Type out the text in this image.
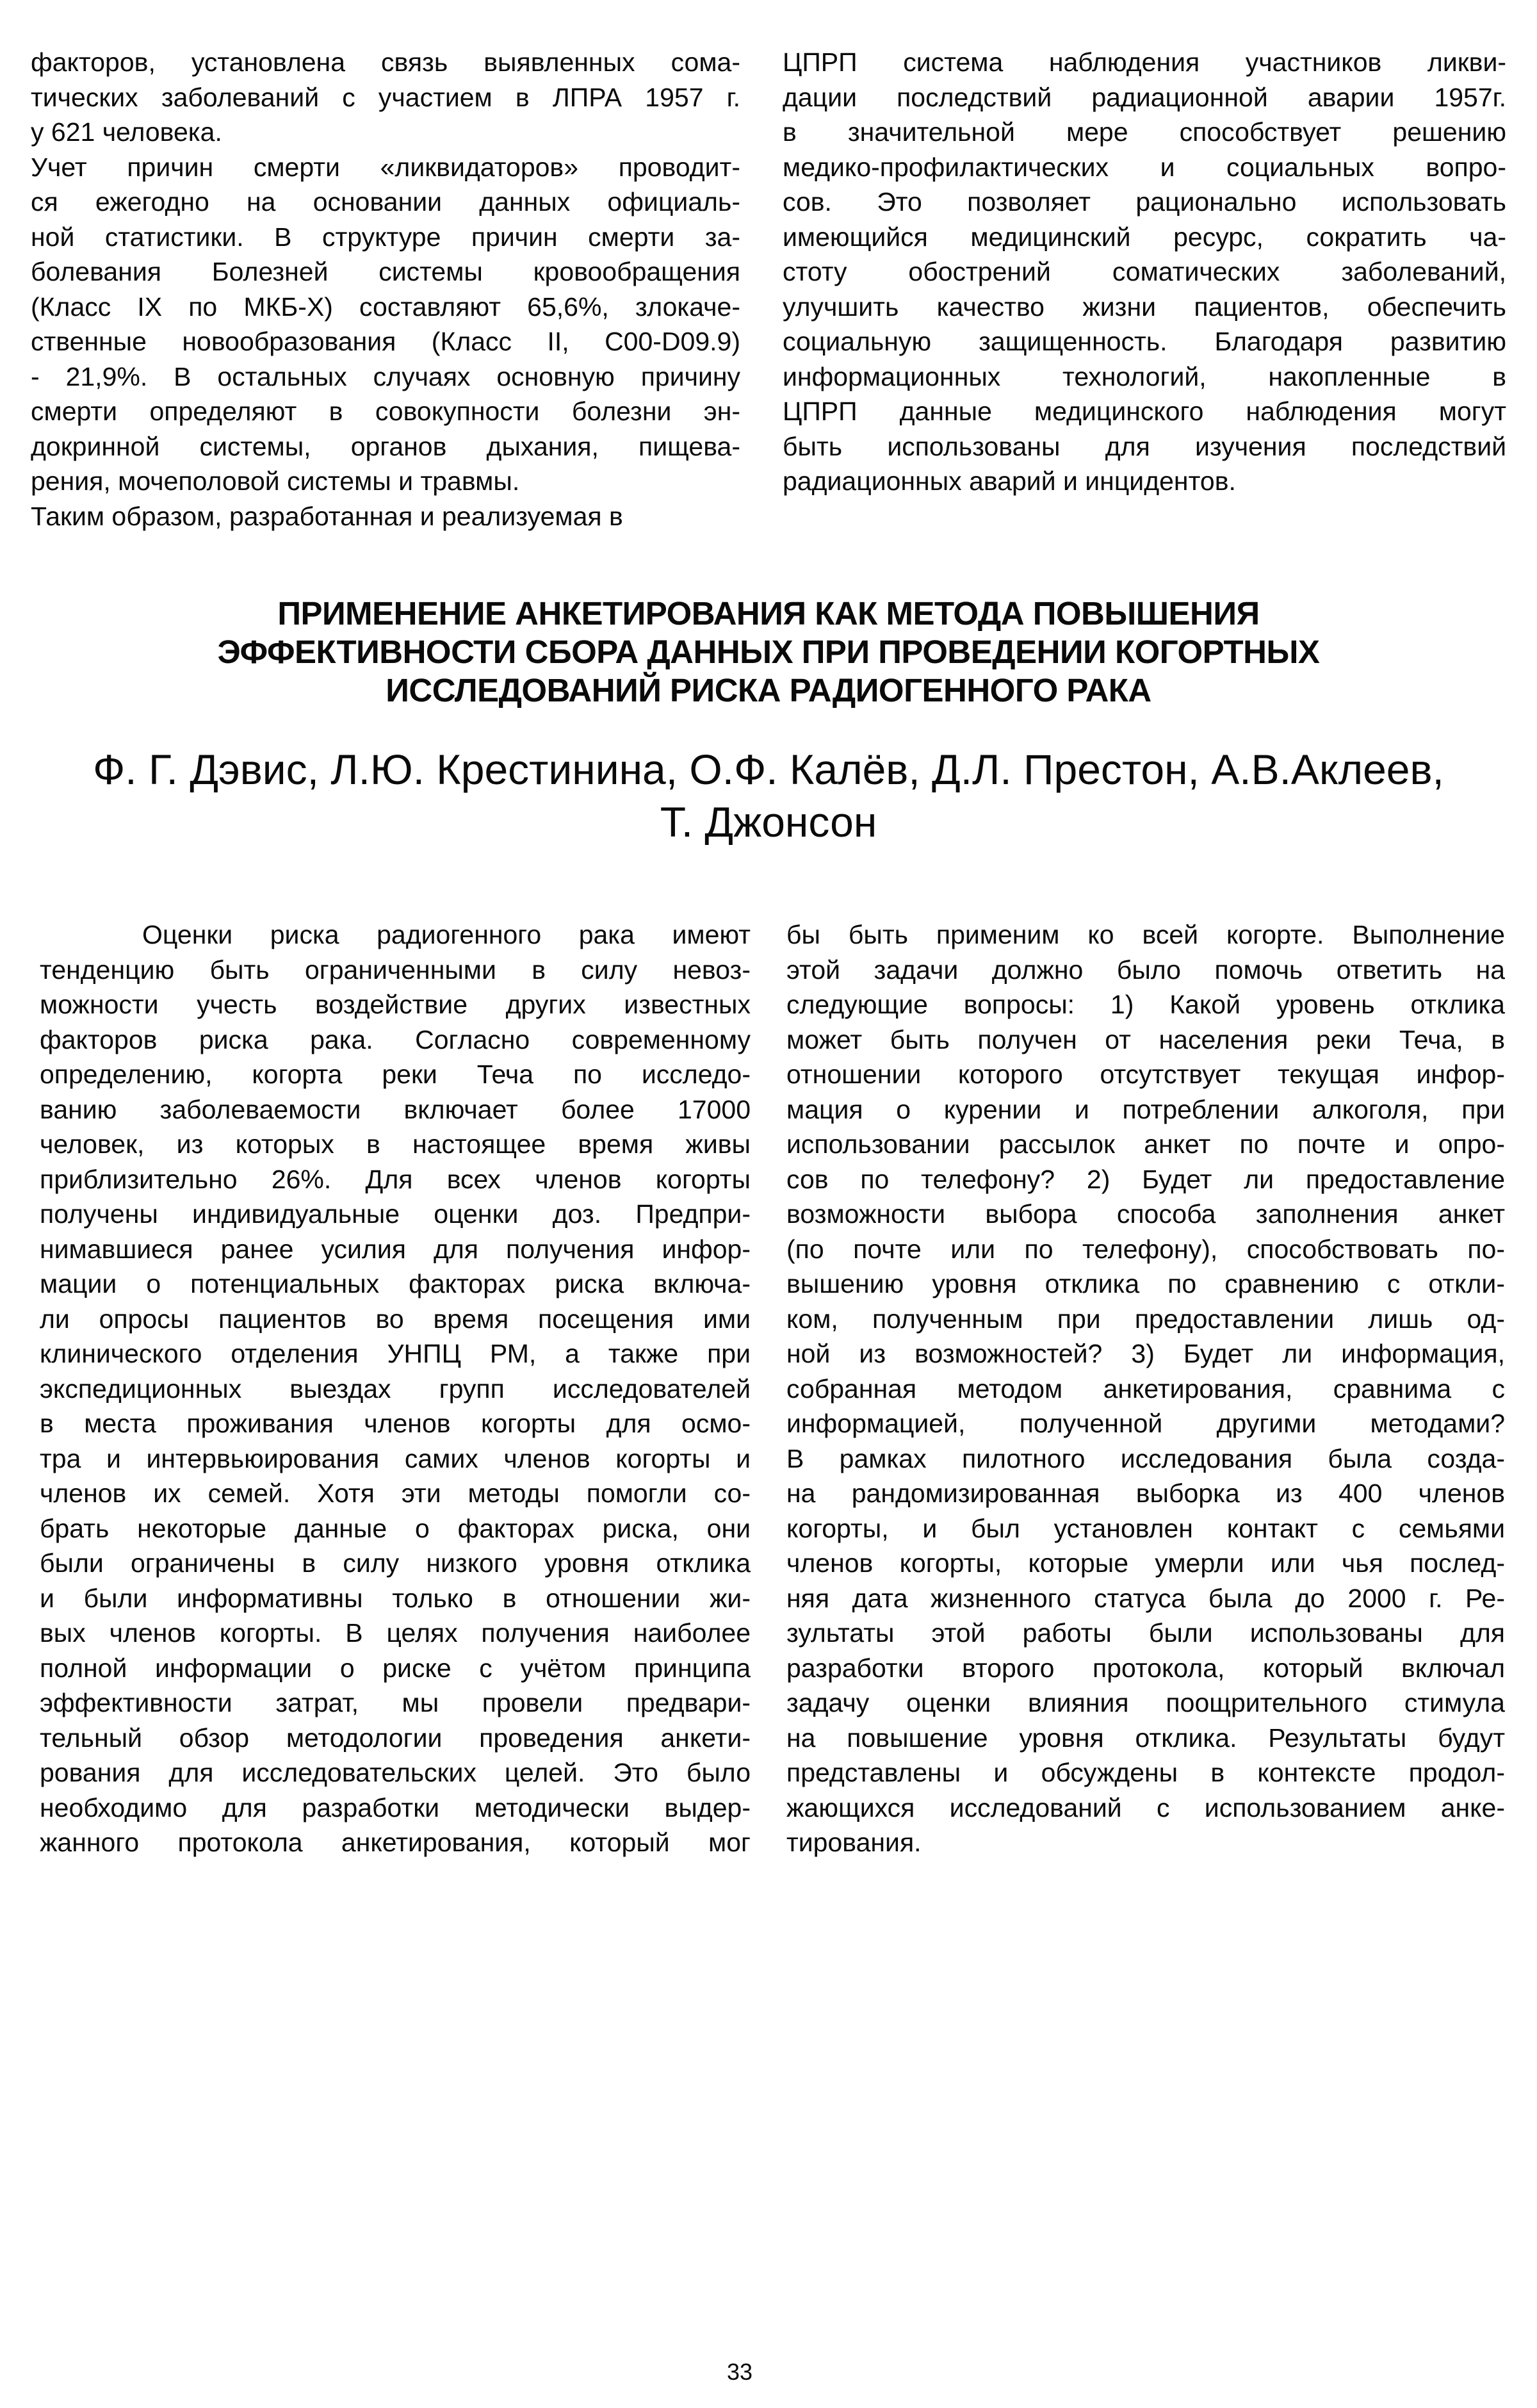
факторов, установлена связь выявленных сома-
тических заболеваний с участием в ЛПРА 1957 г.
у 621 человека.
Учет причин смерти «ликвидаторов» проводит-
ся ежегодно на основании данных официаль-
ной статистики. В структуре причин смерти за-
болевания Болезней системы кровообращения
(Класс IX по МКБ-X) составляют 65,6%, злокаче-
ственные новообразования (Класс II, C00-D09.9)
- 21,9%. В остальных случаях основную причину
смерти определяют в совокупности болезни эн-
докринной системы, органов дыхания, пищева-
рения, мочеполовой системы и травмы.
Таким образом, разработанная и реализуемая в
ЦПРП система наблюдения участников ликви-
дации последствий радиационной аварии 1957г.
в значительной мере способствует решению
медико-профилактических и социальных вопро-
сов. Это позволяет рационально использовать
имеющийся медицинский ресурс, сократить ча-
стоту обострений соматических заболеваний,
улучшить качество жизни пациентов, обеспечить
социальную защищенность. Благодаря развитию
информационных технологий, накопленные в
ЦПРП данные медицинского наблюдения могут
быть использованы для изучения последствий
радиационных аварий и инцидентов.
ПРИМЕНЕНИЕ АНКЕТИРОВАНИЯ КАК МЕТОДА ПОВЫШЕНИЯ
ЭФФЕКТИВНОСТИ СБОРА ДАННЫХ ПРИ ПРОВЕДЕНИИ КОГОРТНЫХ
ИССЛЕДОВАНИЙ РИСКА РАДИОГЕННОГО РАКА
Ф. Г. Дэвис, Л.Ю. Крестинина, О.Ф. Калёв, Д.Л. Престон, А.В.Аклеев,
Т. Джонсон
Оценки риска радиогенного рака имеют
тенденцию быть ограниченными в силу невоз-
можности учесть воздействие других известных
факторов риска рака. Согласно современному
определению, когорта реки Теча по исследо-
ванию заболеваемости включает более 17000
человек, из которых в настоящее время живы
приблизительно 26%. Для всех членов когорты
получены индивидуальные оценки доз. Предпри-
нимавшиеся ранее усилия для получения инфор-
мации о потенциальных факторах риска включа-
ли опросы пациентов во время посещения ими
клинического отделения УНПЦ РМ, а также при
экспедиционных выездах групп исследователей
в места проживания членов когорты для осмо-
тра и интервьюирования самих членов когорты и
членов их семей. Хотя эти методы помогли со-
брать некоторые данные о факторах риска, они
были ограничены в силу низкого уровня отклика
и были информативны только в отношении жи-
вых членов когорты. В целях получения наиболее
полной информации о риске с учётом принципа
эффективности затрат, мы провели предвари-
тельный обзор методологии проведения анкети-
рования для исследовательских целей. Это было
необходимо для разработки методически выдер-
жанного протокола анкетирования, который мог
бы быть применим ко всей когорте. Выполнение
этой задачи должно было помочь ответить на
следующие вопросы: 1) Какой уровень отклика
может быть получен от населения реки Теча, в
отношении которого отсутствует текущая инфор-
мация о курении и потреблении алкоголя, при
использовании рассылок анкет по почте и опро-
сов по телефону? 2) Будет ли предоставление
возможности выбора способа заполнения анкет
(по почте или по телефону), способствовать по-
вышению уровня отклика по сравнению с откли-
ком, полученным при предоставлении лишь од-
ной из возможностей? 3) Будет ли информация,
собранная методом анкетирования, сравнима с
информацией, полученной другими методами?
В рамках пилотного исследования была созда-
на рандомизированная выборка из 400 членов
когорты, и был установлен контакт с семьями
членов когорты, которые умерли или чья послед-
няя дата жизненного статуса была до 2000 г. Ре-
зультаты этой работы были использованы для
разработки второго протокола, который включал
задачу оценки влияния поощрительного стимула
на повышение уровня отклика. Результаты будут
представлены и обсуждены в контексте продол-
жающихся исследований с использованием анке-
тирования.
33
